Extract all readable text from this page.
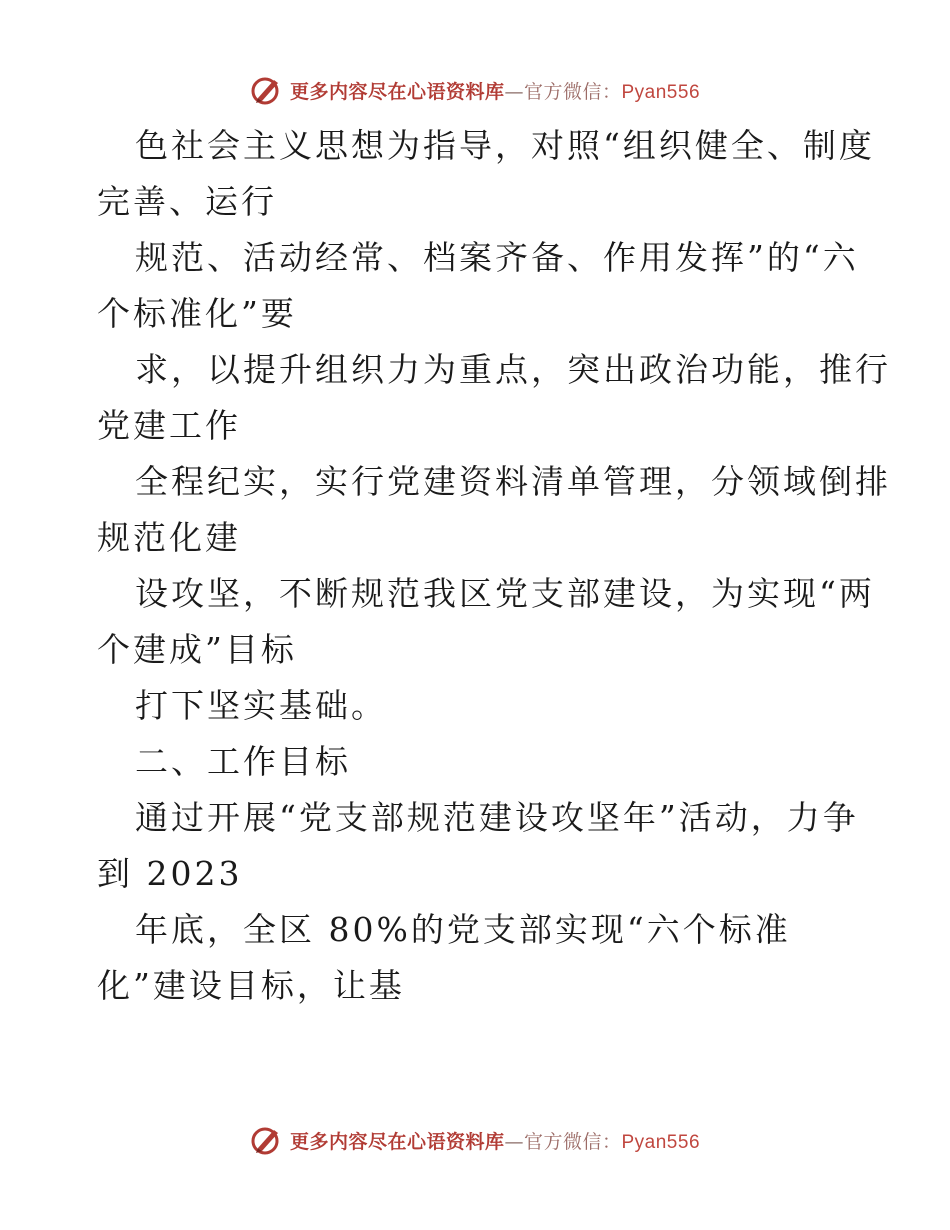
更多内容尽在心语资料库—官方微信：Pyan556
色社会主义思想为指导，对照“组织健全、制度
完善、运行
规范、活动经常、档案齐备、作用发挥”的“六
个标准化”要
求，以提升组织力为重点，突出政治功能，推行
党建工作
全程纪实，实行党建资料清单管理，分领域倒排
规范化建
设攻坚，不断规范我区党支部建设，为实现“两
个建成”目标
打下坚实基础。
二、工作目标
通过开展“党支部规范建设攻坚年”活动，力争
到 2023
年底，全区 80%的党支部实现“六个标准
化”建设目标，让基
更多内容尽在心语资料库—官方微信：Pyan556
